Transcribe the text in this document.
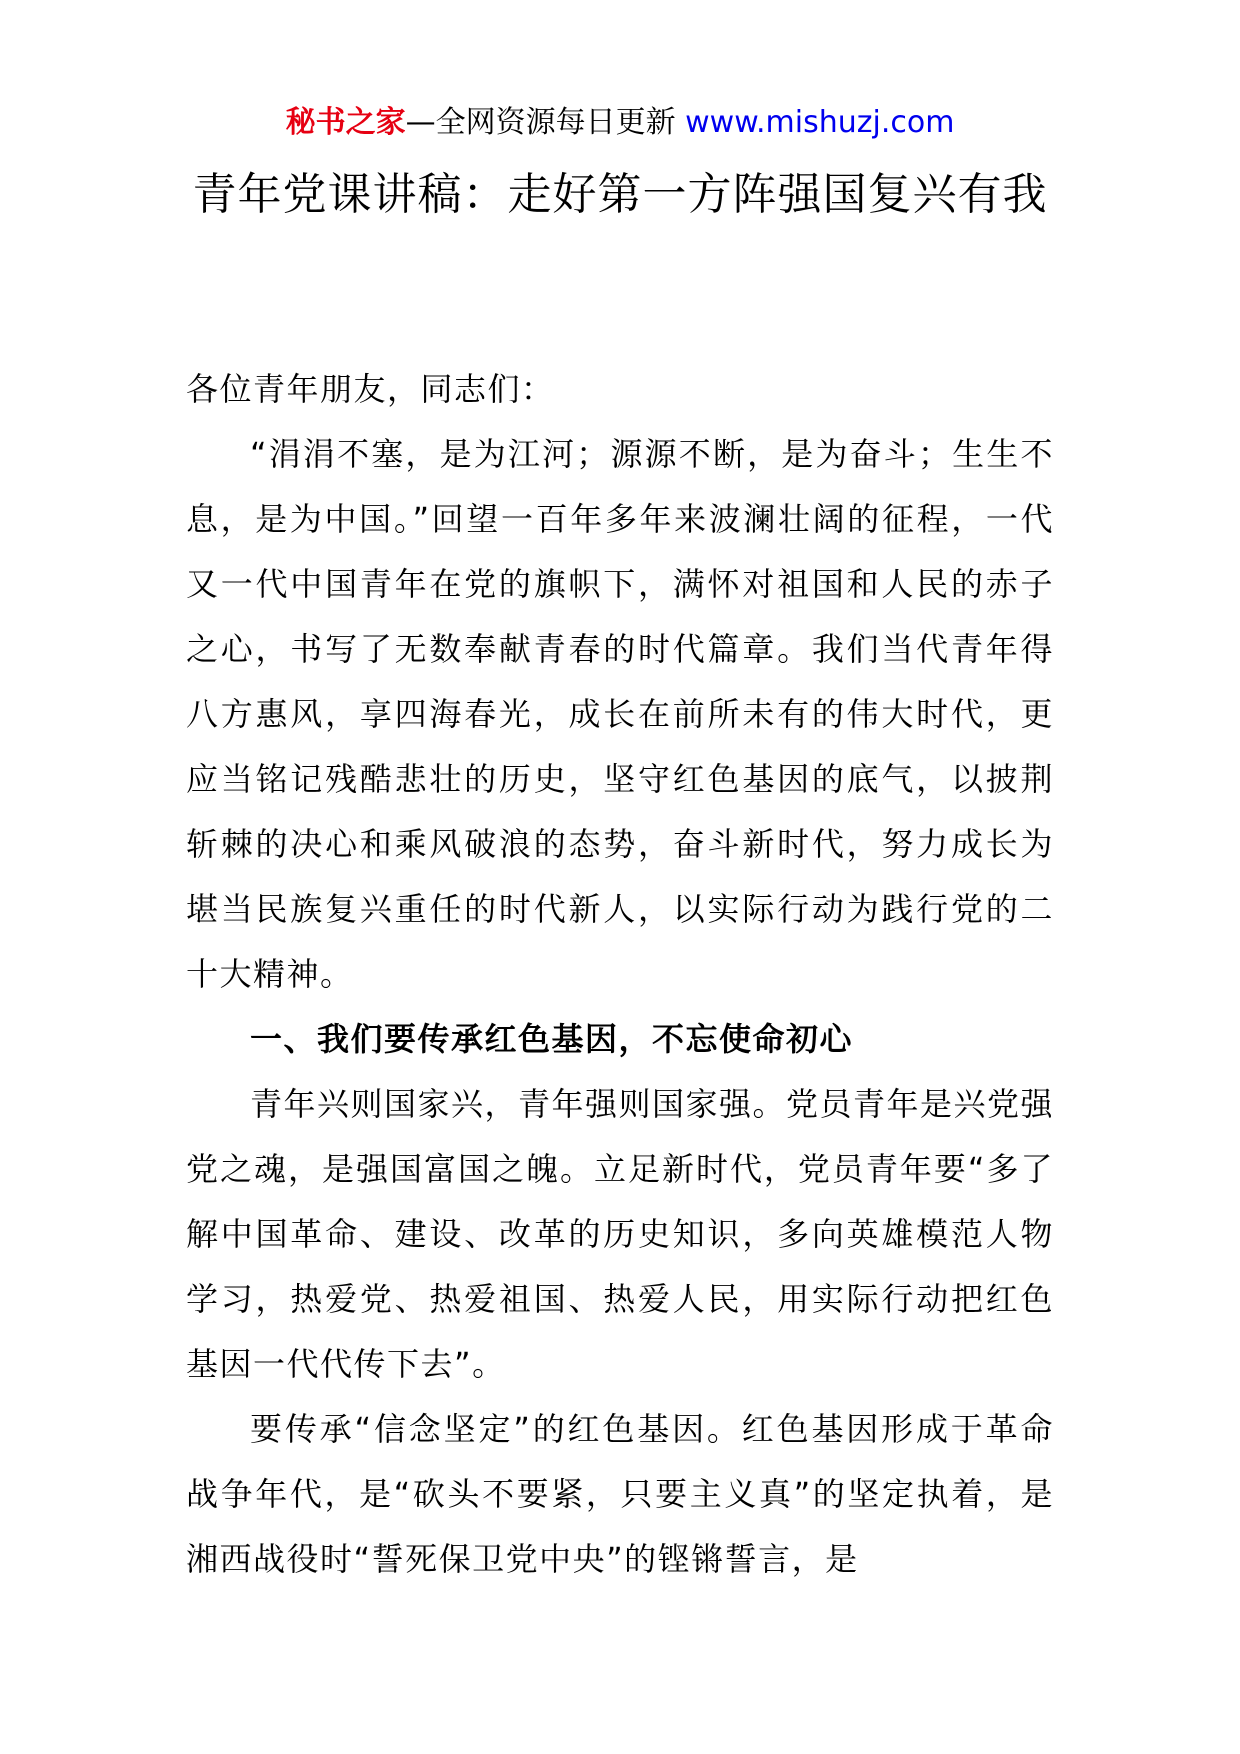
秘书之家—全网资源每日更新 www.mishuzj.com
青年党课讲稿：走好第一方阵强国复兴有我

各位青年朋友，同志们：

“涓涓不塞，是为江河；源源不断，是为奋斗；生生不息，是为中国。”回望一百年多年来波澜壮阔的征程，一代又一代中国青年在党的旗帜下，满怀对祖国和人民的赤子之心，书写了无数奉献青春的时代篇章。我们当代青年得八方惠风，享四海春光，成长在前所未有的伟大时代，更应当铭记残酷悲壮的历史，坚守红色基因的底气，以披荆斩棘的决心和乘风破浪的态势，奋斗新时代，努力成长为堪当民族复兴重任的时代新人，以实际行动为践行党的二十大精神。

一、我们要传承红色基因，不忘使命初心

青年兴则国家兴，青年强则国家强。党员青年是兴党强党之魂，是强国富国之魄。立足新时代，党员青年要“多了解中国革命、建设、改革的历史知识，多向英雄模范人物学习，热爱党、热爱祖国、热爱人民，用实际行动把红色基因一代代传下去”。

要传承“信念坚定”的红色基因。红色基因形成于革命战争年代，是“砍头不要紧，只要主义真”的坚定执着，是湘西战役时“誓死保卫党中央”的铿锵誓言，是
